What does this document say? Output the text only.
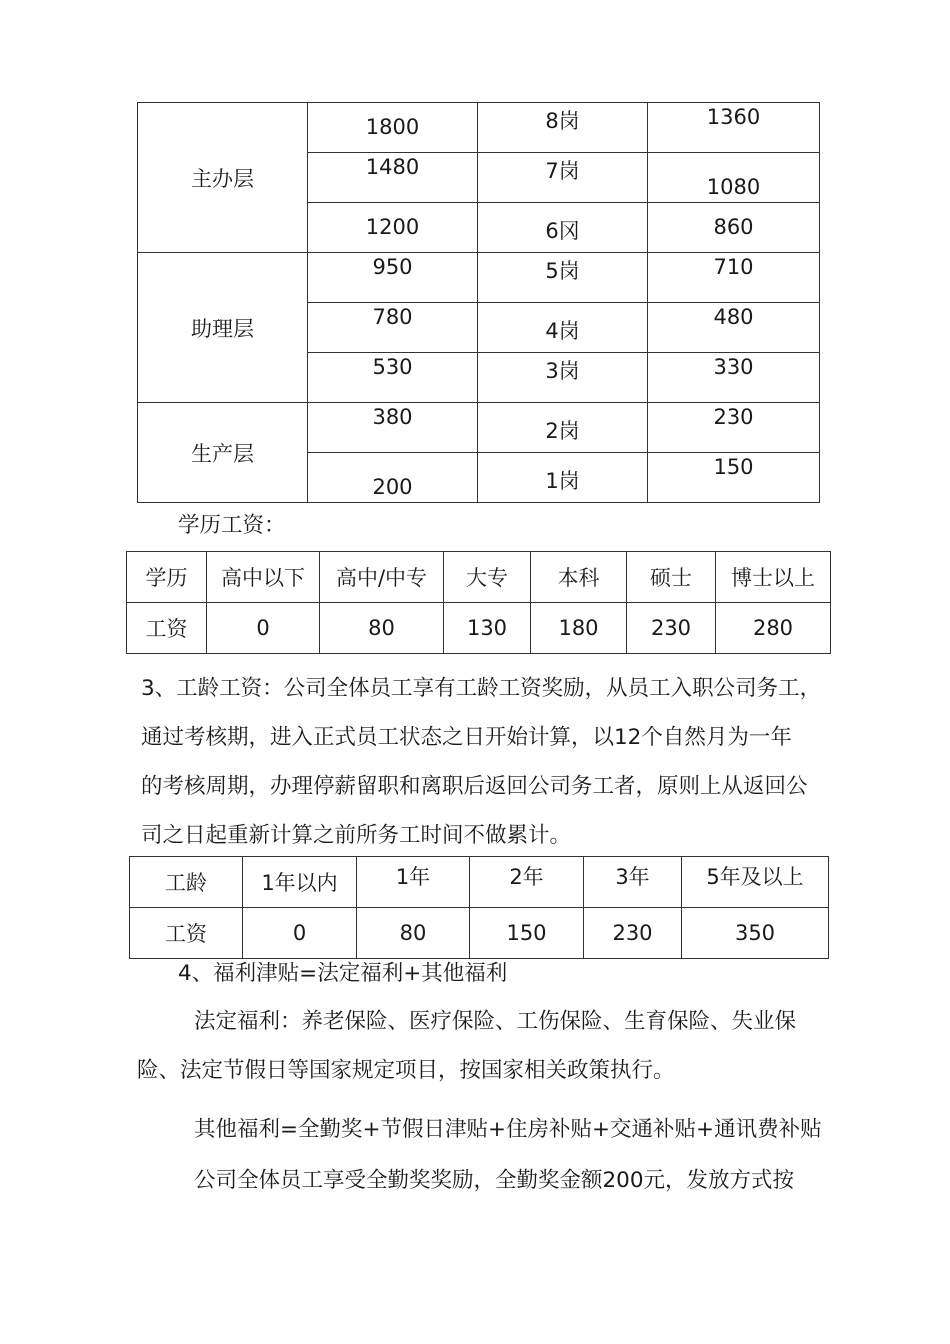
主办层	1800	8岗	1360

	1480	7岗	1080

	1200	6冈	860

助理层	950	5岗	710

	780	4岗	480

	530	3岗	330

生产层	380	2岗	230

	200	1岗	150
学历工资：
学历	高中以下	高中/中专	大专	本科	硕士	博士以上
工资	0	80	130	180	230	280
3、工龄工资：公司全体员工享有工龄工资奖励，从员工入职公司务工，
通过考核期，进入正式员工状态之日开始计算，以12个自然月为一年
的考核周期，办理停薪留职和离职后返回公司务工者，原则上从返回公
司之日起重新计算之前所务工时间不做累计。
工龄	1年以内	1年	2年	3年	5年及以上
工资	0	80	150	230	350
4、福利津贴=法定福利+其他福利
法定福利：养老保险、医疗保险、工伤保险、生育保险、失业保
险、法定节假日等国家规定项目，按国家相关政策执行。
其他福利=全勤奖+节假日津贴+住房补贴+交通补贴+通讯费补贴
公司全体员工享受全勤奖奖励，全勤奖金额200元，发放方式按
